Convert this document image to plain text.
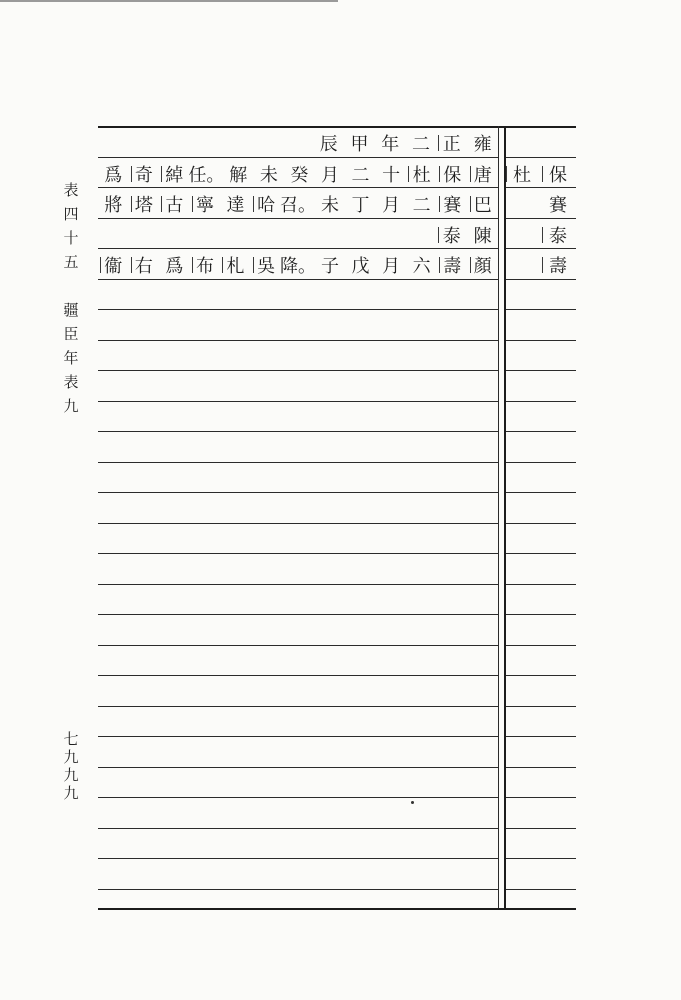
表
四
十
五

疆
臣
年
表
九
七
九
九
九
辰 甲 年 二 正 雍
爲 奇 綽 任。 解 未 癸 月 二 十 杜 保 唐
將 塔 古 寧 達 哈 召。 未 丁 月 二 賽 巴
泰 陳
衞 右 爲 布 札 吳 降。 子 戊 月 六 壽 顏
杜	保
賽
泰
壽
